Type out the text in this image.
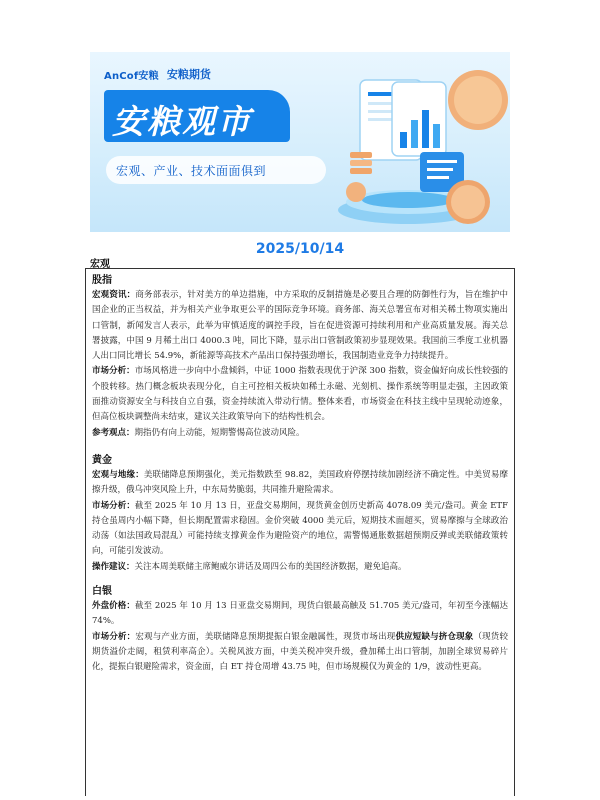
AnCof安粮 安粮期货
安粮观市
宏观、产业、技术面面俱到
2025/10/14
宏观
股指

宏观资讯：商务部表示，针对美方的单边措施，中方采取的反制措施是必要且合理的防御性行为，旨在维护中国企业的正当权益，并为相关产业争取更公平的国际竞争环境。商务部、海关总署宣布对相关稀土物项实施出口管制，新闻发言人表示，此举为审慎适度的调控手段，旨在促进资源可持续利用和产业高质量发展。海关总署披露，中国 9 月稀土出口 4000.3 吨，同比下降，显示出口管制政策初步显现效果。我国前三季度工业机器人出口同比增长 54.9%，新能源等高技术产品出口保持强劲增长，我国制造业竞争力持续提升。

市场分析：市场风格进一步向中小盘倾斜，中证 1000 指数表现优于沪深 300 指数，资金偏好向成长性较强的个股转移。热门概念板块表现分化，自主可控相关板块如稀土永磁、光刻机、操作系统等明显走强，主因政策面推动资源安全与科技自立自强，资金持续流入带动行情。整体来看，市场资金在科技主线中呈现轮动迹象，但高位板块调整尚未结束，建议关注政策导向下的结构性机会。

参考观点：期指仍有向上动能，短期警惕高位波动风险。

黄金

宏观与地缘：美联储降息预期强化，美元指数跌至 98.82，美国政府停摆持续加剧经济不确定性。中美贸易摩擦升级，俄乌冲突风险上升，中东局势脆弱，共同推升避险需求。

市场分析：截至 2025 年 10 月 13 日，亚盘交易期间，现货黄金创历史新高 4078.09 美元/盎司。黄金 ETF 持仓虽周内小幅下降，但长期配置需求稳固。金价突破 4000 美元后，短期技术面超买，贸易摩擦与全球政治动荡（如法国政局混乱）可能持续支撑黄金作为避险资产的地位，需警惕通胀数据超预期反弹或美联储政策转向，可能引发波动。

操作建议：关注本周美联储主席鲍威尔讲话及周四公布的美国经济数据，避免追高。

白银

外盘价格：截至 2025 年 10 月 13 日亚盘交易期间，现货白银最高触及 51.705 美元/盎司，年初至今涨幅达 74%。

市场分析：宏观与产业方面，美联储降息预期提振白银金融属性，现货市场出现供应短缺与挤仓现象（现货较期货溢价走阔，租赁利率高企）。关税风波方面，中美关税冲突升级，叠加稀土出口管制，加剧全球贸易碎片化，提振白银避险需求，资金面，白 ET 持仓周增 43.75 吨，但市场规模仅为黄金的 1/9，波动性更高。
